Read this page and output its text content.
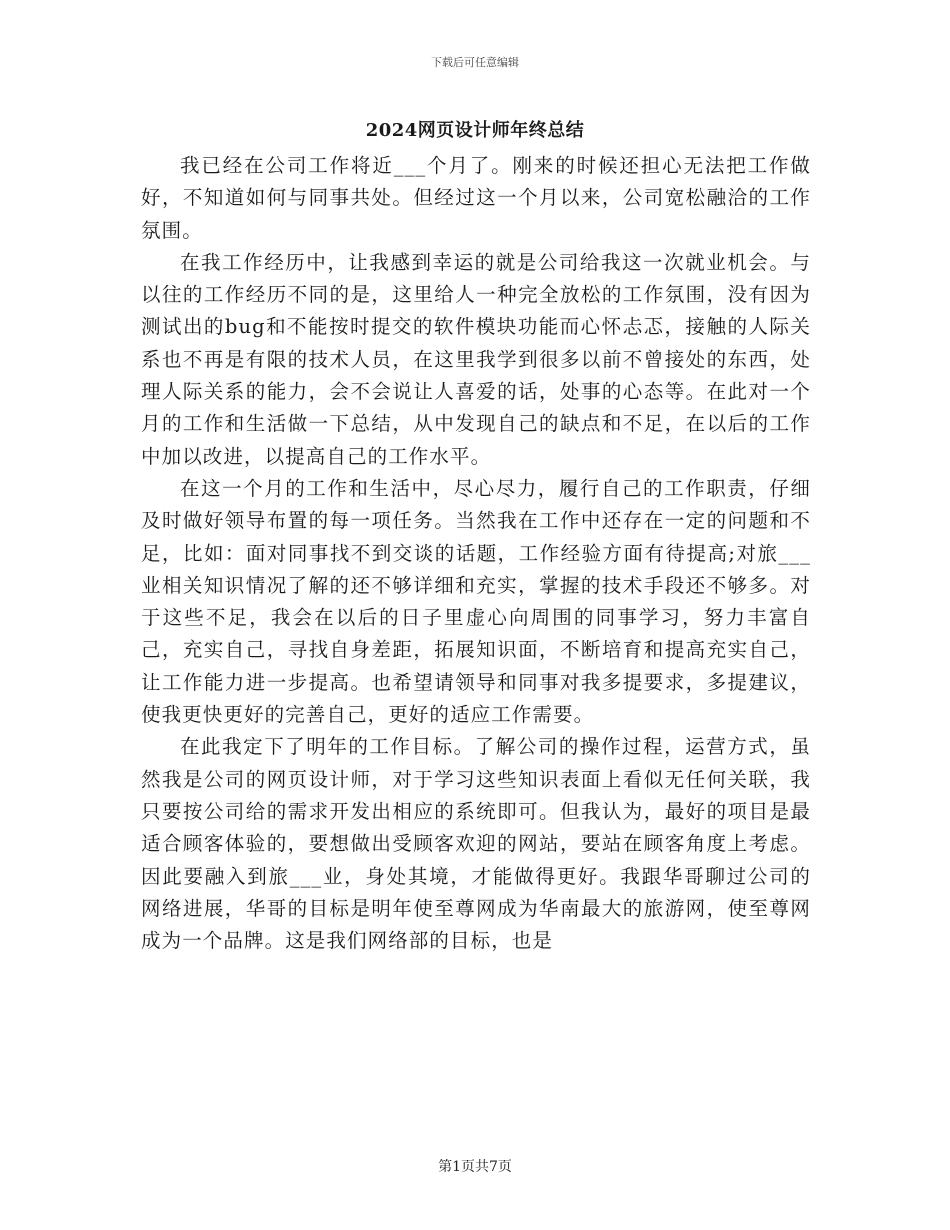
下载后可任意编辑
2024网页设计师年终总结

我已经在公司工作将近___个月了。刚来的时候还担心无法把工作做好，不知道如何与同事共处。但经过这一个月以来，公司宽松融洽的工作氛围。

在我工作经历中，让我感到幸运的就是公司给我这一次就业机会。与以往的工作经历不同的是，这里给人一种完全放松的工作氛围，没有因为测试出的bug和不能按时提交的软件模块功能而心怀忐忑，接触的人际关系也不再是有限的技术人员，在这里我学到很多以前不曾接处的东西，处理人际关系的能力，会不会说让人喜爱的话，处事的心态等。在此对一个月的工作和生活做一下总结，从中发现自己的缺点和不足，在以后的工作中加以改进，以提高自己的工作水平。

在这一个月的工作和生活中，尽心尽力，履行自己的工作职责，仔细及时做好领导布置的每一项任务。当然我在工作中还存在一定的问题和不足，比如：面对同事找不到交谈的话题，工作经验方面有待提高;对旅___业相关知识情况了解的还不够详细和充实，掌握的技术手段还不够多。对于这些不足，我会在以后的日子里虚心向周围的同事学习，努力丰富自己，充实自己，寻找自身差距，拓展知识面，不断培育和提高充实自己，让工作能力进一步提高。也希望请领导和同事对我多提要求，多提建议，使我更快更好的完善自己，更好的适应工作需要。

在此我定下了明年的工作目标。了解公司的操作过程，运营方式，虽然我是公司的网页设计师，对于学习这些知识表面上看似无任何关联，我只要按公司给的需求开发出相应的系统即可。但我认为，最好的项目是最适合顾客体验的，要想做出受顾客欢迎的网站，要站在顾客角度上考虑。因此要融入到旅___业，身处其境，才能做得更好。我跟华哥聊过公司的网络进展，华哥的目标是明年使至尊网成为华南最大的旅游网，使至尊网成为一个品牌。这是我们网络部的目标，也是

第1页共7页
